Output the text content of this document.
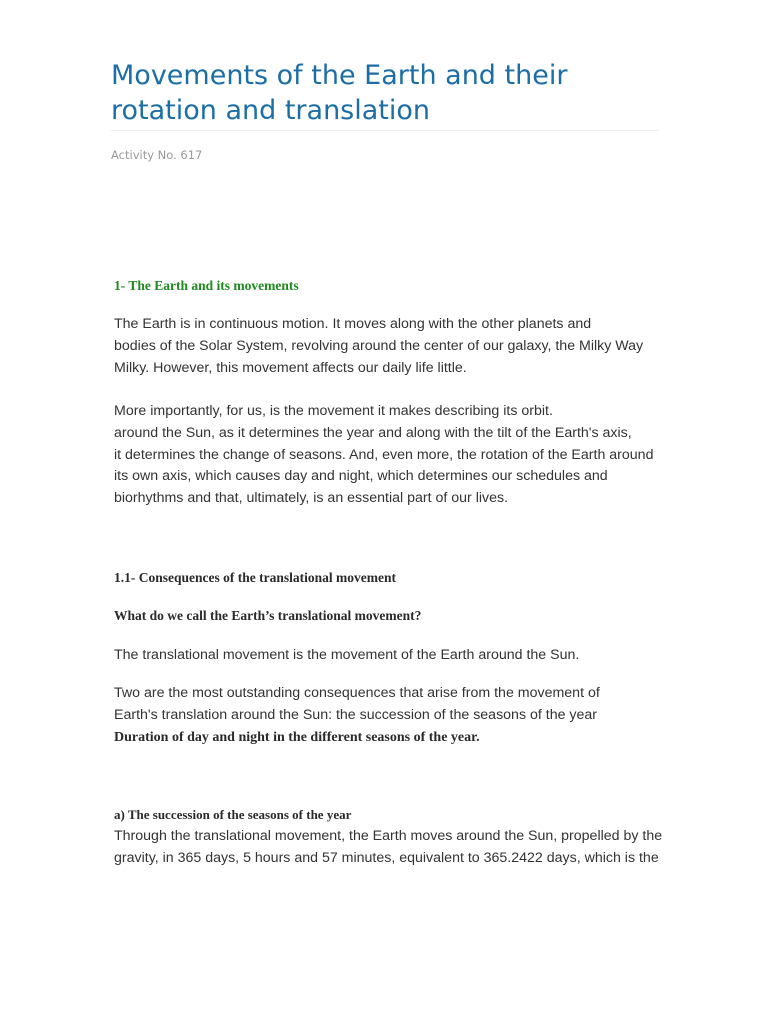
Movements of the Earth and their
rotation and translation

Activity No. 617

1- The Earth and its movements

The Earth is in continuous motion. It moves along with the other planets and
bodies of the Solar System, revolving around the center of our galaxy, the Milky Way
Milky. However, this movement affects our daily life little.

More importantly, for us, is the movement it makes describing its orbit.
around the Sun, as it determines the year and along with the tilt of the Earth's axis,
it determines the change of seasons. And, even more, the rotation of the Earth around
its own axis, which causes day and night, which determines our schedules and
biorhythms and that, ultimately, is an essential part of our lives.

1.1- Consequences of the translational movement

What do we call the Earth’s translational movement?

The translational movement is the movement of the Earth around the Sun.

Two are the most outstanding consequences that arise from the movement of
Earth's translation around the Sun: the succession of the seasons of the year
Duration of day and night in the different seasons of the year.

a) The succession of the seasons of the year

Through the translational movement, the Earth moves around the Sun, propelled by the
gravity, in 365 days, 5 hours and 57 minutes, equivalent to 365.2422 days, which is the
